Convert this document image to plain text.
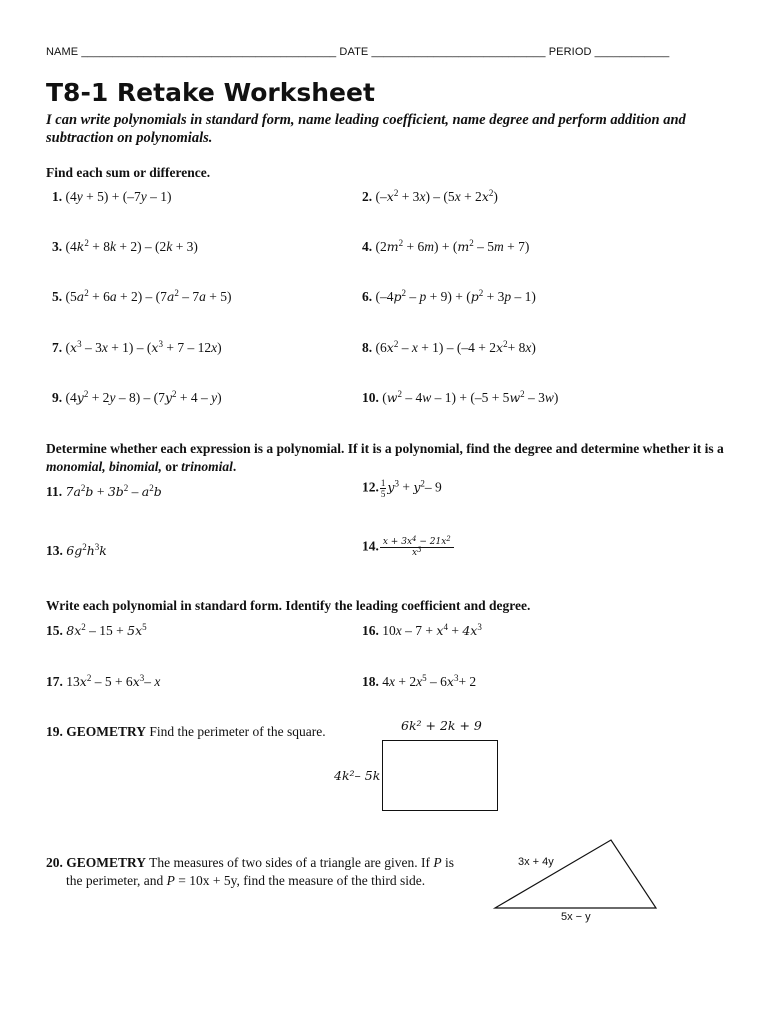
NAME _________________________________________ DATE ____________________________ PERIOD ____________
T8-1 Retake Worksheet
I can write polynomials in standard form, name leading coefficient, name degree and perform addition and subtraction on polynomials.
Find each sum or difference.
1. (4y + 5) + (–7y – 1)	2. $(-x^2 + 3x) - (5x + 2x^2)$
3. $(4k^2 + 8k + 2) - (2k + 3)$	4. $(2m^2 + 6m) + (m^2 - 5m + 7)$
5. $(5a^2 + 6a + 2) - (7a^2 - 7a + 5)$	6. $(-4p^2 - p + 9) + (p^2 + 3p - 1)$
7. $(x^3 - 3x + 1) - (x^3 + 7 - 12x)$	8. $(6x^2 - x + 1) - (-4 + 2x^2+ 8x)$
9. $(4y^2 + 2y - 8) - (7y^2 + 4 - y)$	10. $(w^2 - 4w - 1) + (-5 + 5w^2 - 3w)$
Determine whether each expression is a polynomial. If it is a polynomial, find the degree and determine whether it is a monomial, binomial, or trinomial.
11. $7a^2b + 3b^2 - a^2b$	12. $\frac{1}{5} y^3 + y^2-$ 9
13. $6g^2h^3k$	14. $\frac{x + 3x^4 - 21x^2}{x^3}$
Write each polynomial in standard form. Identify the leading coefficient and degree.
15. $8x^2 - 15 + 5x^5$	16. $10x - 7 + x^4 + 4x^3$
17. $13x^2 - 5 + 6x^3-$ x	18. $4x + 2x^5 - 6x^3+ 2$
19. GEOMETRY Find the perimeter of the square.	6k² + 2k + 9
4k²– 5k
20. GEOMETRY The measures of two sides of a triangle are given. If P is
the perimeter, and P = 10x + 5y, find the measure of the third side.
3x + 4y
5x − y
